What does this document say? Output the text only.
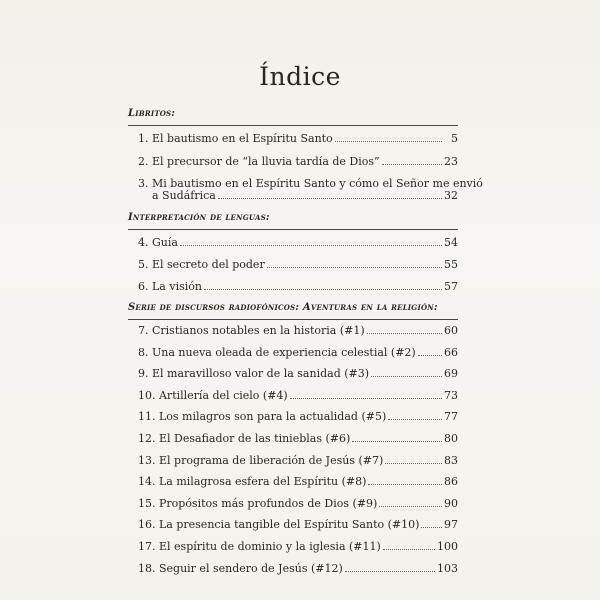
Índice
Libritos:
1. El bautismo en el Espíritu Santo	5
2. El precursor de “la lluvia tardía de Dios”	23
3. Mi bautismo en el Espíritu Santo y cómo el Señor me envió
a Sudáfrica	32
Interpretación de lenguas:
4. Guía	54
5. El secreto del poder	55
6. La visión	57
Serie de discursos radiofónicos: Aventuras en la religión:
7. Cristianos notables en la historia (#1)	60
8. Una nueva oleada de experiencia celestial (#2)	66
9. El maravilloso valor de la sanidad (#3)	69
10. Artillería del cielo (#4)	73
11. Los milagros son para la actualidad (#5)	77
12. El Desafiador de las tinieblas (#6)	80
13. El programa de liberación de Jesús (#7)	83
14. La milagrosa esfera del Espíritu (#8)	86
15. Propósitos más profundos de Dios (#9)	90
16. La presencia tangible del Espíritu Santo (#10) 97
17. El espíritu de dominio y la iglesia (#11)	100
18. Seguir el sendero de Jesús (#12)	103
